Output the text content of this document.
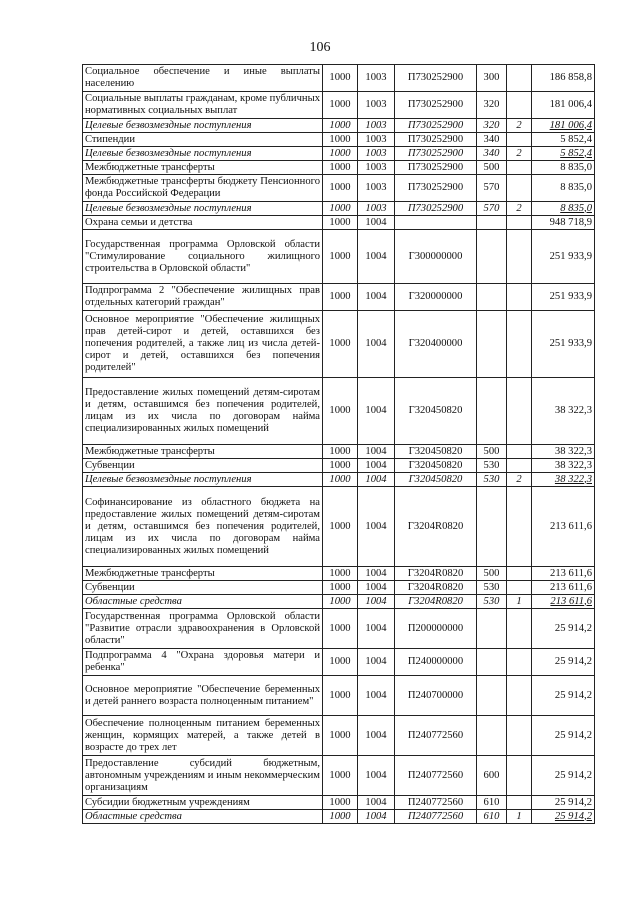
106
Социальное обеспечение и иные выплаты населению	1000	1003	П730252900	300		186 858,8
Социальные выплаты гражданам, кроме публичных нормативных социальных выплат	1000	1003	П730252900	320		181 006,4
Целевые безвозмездные поступления	1000	1003	П730252900	320	2	181 006,4
Стипендии	1000	1003	П730252900	340		5 852,4
Целевые безвозмездные поступления	1000	1003	П730252900	340	2	5 852,4
Межбюджетные трансферты	1000	1003	П730252900	500		8 835,0
Межбюджетные трансферты бюджету Пенсионного фонда Российской Федерации	1000	1003	П730252900	570		8 835,0
Целевые безвозмездные поступления	1000	1003	П730252900	570	2	8 835,0
Охрана семьи и детства	1000	1004				948 718,9
Государственная программа Орловской области "Стимулирование социального жилищного строительства в Орловской области"	1000	1004	Г300000000			251 933,9
Подпрограмма 2 "Обеспечение жилищных прав отдельных категорий граждан"	1000	1004	Г320000000			251 933,9
Основное мероприятие "Обеспечение жилищных прав детей-сирот и детей, оставшихся без попечения родителей, а также лиц из числа детей-сирот и детей, оставшихся без попечения родителей"	1000	1004	Г320400000			251 933,9
Предоставление жилых помещений детям-сиротам и детям, оставшимся без попечения родителей, лицам из их числа по договорам найма специализированных жилых помещений	1000	1004	Г320450820			38 322,3
Межбюджетные трансферты	1000	1004	Г320450820	500		38 322,3
Субвенции	1000	1004	Г320450820	530		38 322,3
Целевые безвозмездные поступления	1000	1004	Г320450820	530	2	38 322,3
Софинансирование из областного бюджета на предоставление жилых помещений детям-сиротам и детям, оставшимся без попечения родителей, лицам из их числа по договорам найма специализированных жилых помещений	1000	1004	Г3204R0820			213 611,6
Межбюджетные трансферты	1000	1004	Г3204R0820	500		213 611,6
Субвенции	1000	1004	Г3204R0820	530		213 611,6
Областные средства	1000	1004	Г3204R0820	530	1	213 611,6
Государственная программа Орловской области "Развитие отрасли здравоохранения в Орловской области"	1000	1004	П200000000			25 914,2
Подпрограмма 4 "Охрана здоровья матери и ребенка"	1000	1004	П240000000			25 914,2
Основное мероприятие "Обеспечение беременных и детей раннего возраста полноценным питанием"	1000	1004	П240700000			25 914,2
Обеспечение полноценным питанием беременных женщин, кормящих матерей, а также детей в возрасте до трех лет	1000	1004	П240772560			25 914,2
Предоставление субсидий бюджетным, автономным учреждениям и иным некоммерческим организациям	1000	1004	П240772560	600		25 914,2
Субсидии бюджетным учреждениям	1000	1004	П240772560	610		25 914,2
Областные средства	1000	1004	П240772560	610	1	25 914,2
